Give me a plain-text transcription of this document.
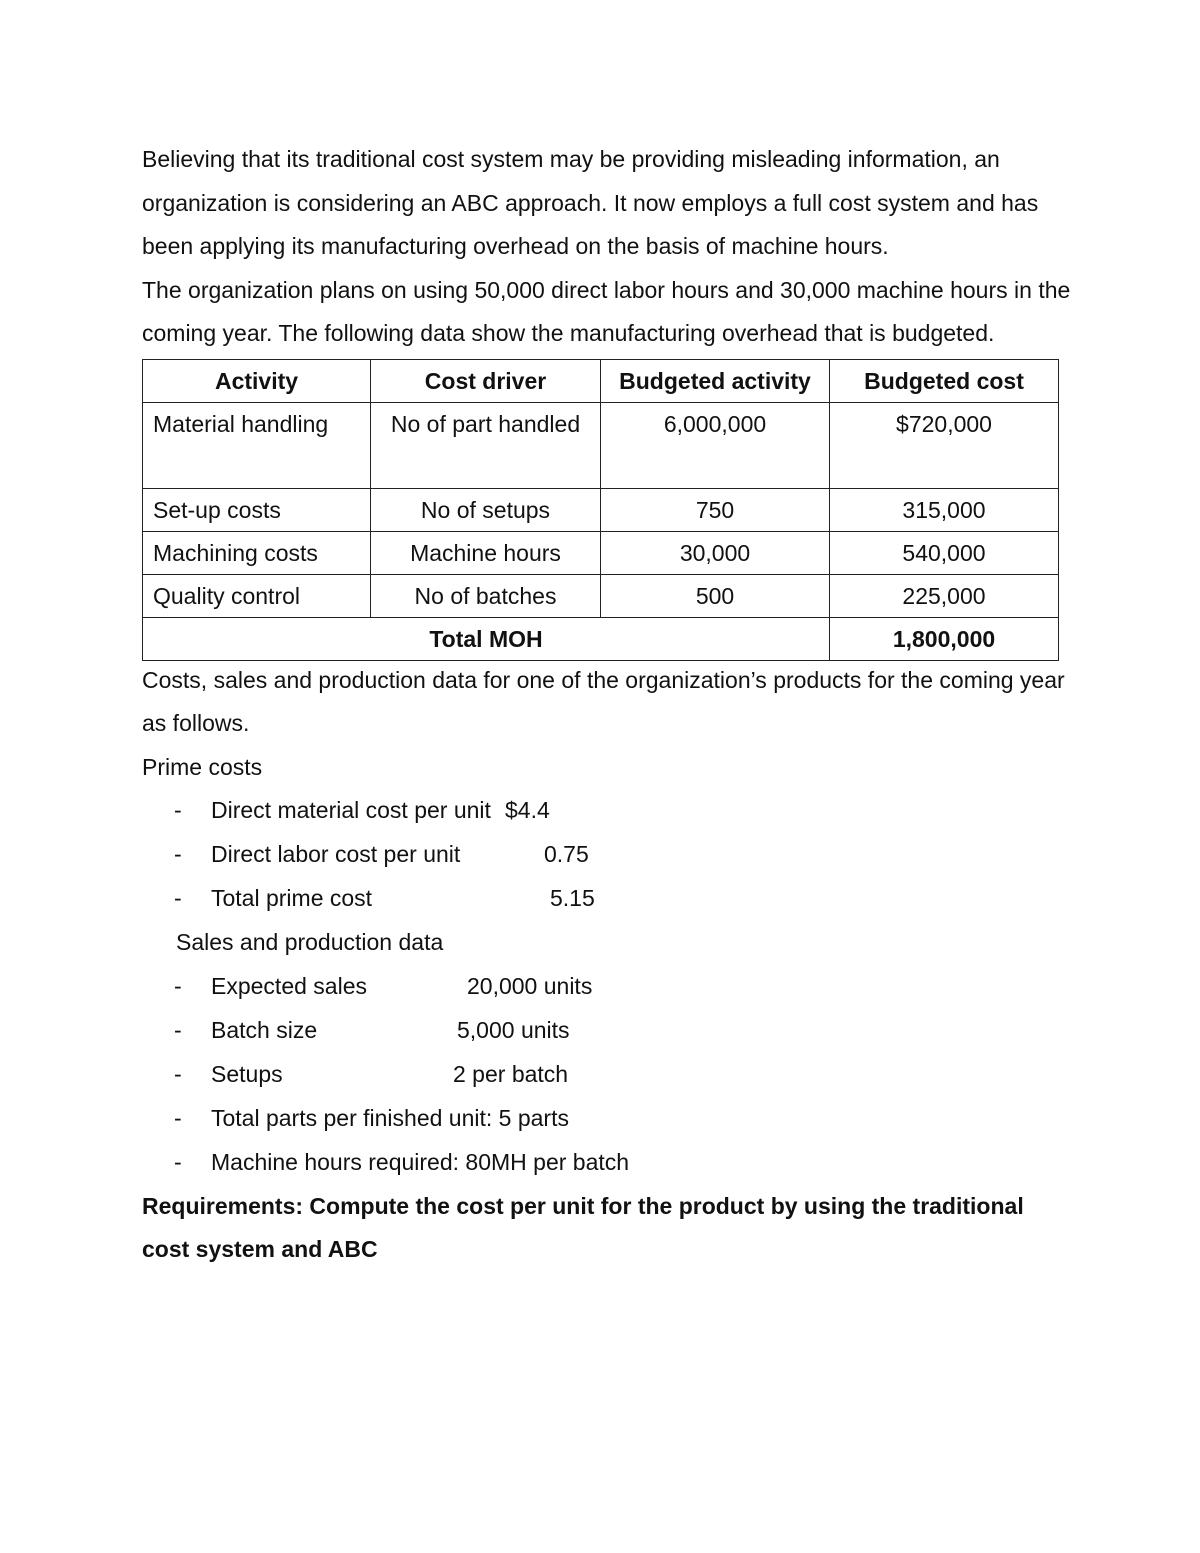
Believing that its traditional cost system may be providing misleading information, an organization is considering an ABC approach. It now employs a full cost system and has been applying its manufacturing overhead on the basis of machine hours.

The organization plans on using 50,000 direct labor hours and 30,000 machine hours in the coming year. The following data show the manufacturing overhead that is budgeted.

Activity	Cost driver	Budgeted activity	Budgeted cost
Material handling	No of part handled	6,000,000	$720,000
Set-up costs	No of setups	750	315,000
Machining costs	Machine hours	30,000	540,000
Quality control	No of batches	500	225,000
Total MOH			1,800,000

Costs, sales and production data for one of the organization’s products for the coming year as follows.

Prime costs

- Direct material cost per unit $4.4
- Direct labor cost per unit	0.75
- Total prime cost	5.15

Sales and production data

- Expected sales	20,000 units
- Batch size	5,000 units
- Setups	2 per batch
- Total parts per finished unit: 5 parts
- Machine hours required: 80MH per batch

Requirements: Compute the cost per unit for the product by using the traditional cost system and ABC
